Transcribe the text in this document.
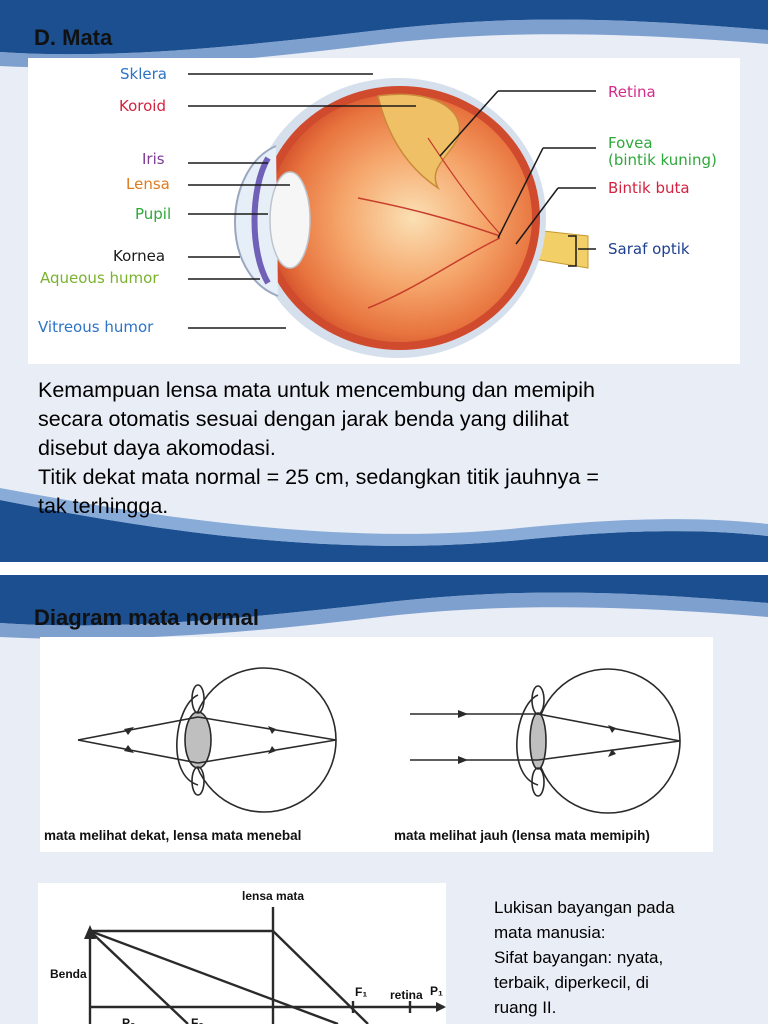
D. Mata
Sklera
Koroid
Iris
Lensa
Pupil
Kornea
Aqueous humor
Vitreous humor
Retina
Fovea
(bintik kuning)
Bintik buta
Saraf optik

Kemampuan lensa mata untuk mencembung dan memipih
secara otomatis sesuai dengan jarak benda yang dilihat
disebut daya akomodasi.
Titik dekat mata normal = 25 cm, sedangkan titik jauhnya =
tak terhingga.

Diagram mata normal

mata melihat dekat, lensa mata menebal	mata melihat jauh (lensa mata memipih)

lensa mata
Benda
F₁ retina P₁
P₂	F₂

Lukisan bayangan pada
mata manusia:
Sifat bayangan: nyata,
terbaik, diperkecil, di
ruang II.
